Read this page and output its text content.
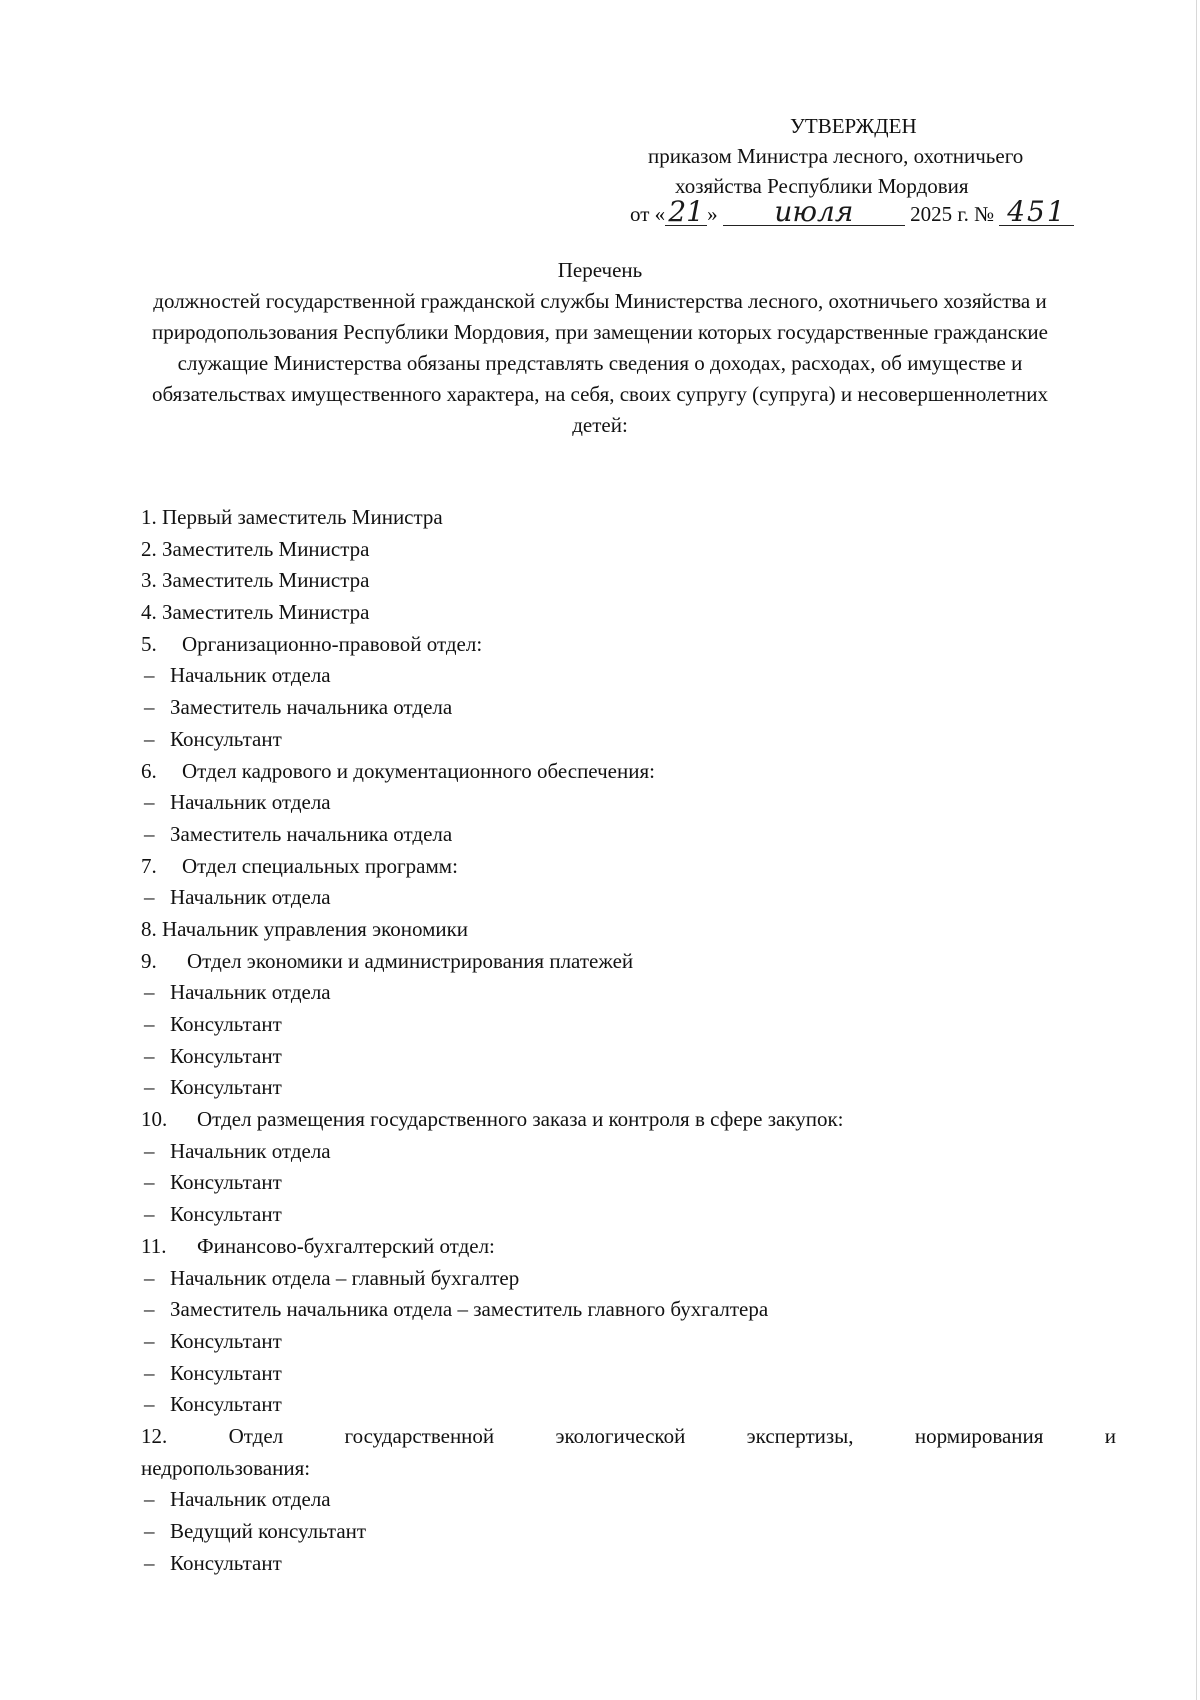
УТВЕРЖДЕН
приказом Министра лесного, охотничьего
хозяйства Республики Мордовия
от « 21 » июля	2025 г. № 451
Перечень
должностей государственной гражданской службы Министерства лесного, охотничьего хозяйства и природопользования Республики Мордовия, при замещении которых государственные гражданские служащие Министерства обязаны представлять сведения о доходах, расходах, об имуществе и обязательствах имущественного характера, на себя, своих супругу (супруга) и несовершеннолетних детей:
1. Первый заместитель Министра
2. Заместитель Министра
3. Заместитель Министра
4. Заместитель Министра
5. Организационно-правовой отдел:
– Начальник отдела
– Заместитель начальника отдела
– Консультант
6. Отдел кадрового и документационного обеспечения:
– Начальник отдела
– Заместитель начальника отдела
7. Отдел специальных программ:
– Начальник отдела
8. Начальник управления экономики
9. Отдел экономики и администрирования платежей
– Начальник отдела
– Консультант
– Консультант
– Консультант
10. Отдел размещения государственного заказа и контроля в сфере закупок:
– Начальник отдела
– Консультант
– Консультант
11. Финансово-бухгалтерский отдел:
– Начальник отдела – главный бухгалтер
– Заместитель начальника отдела – заместитель главного бухгалтера
– Консультант
– Консультант
– Консультант
12. Отдел государственной экологической экспертизы, нормирования и
недропользования:
– Начальник отдела
– Ведущий консультант
– Консультант
